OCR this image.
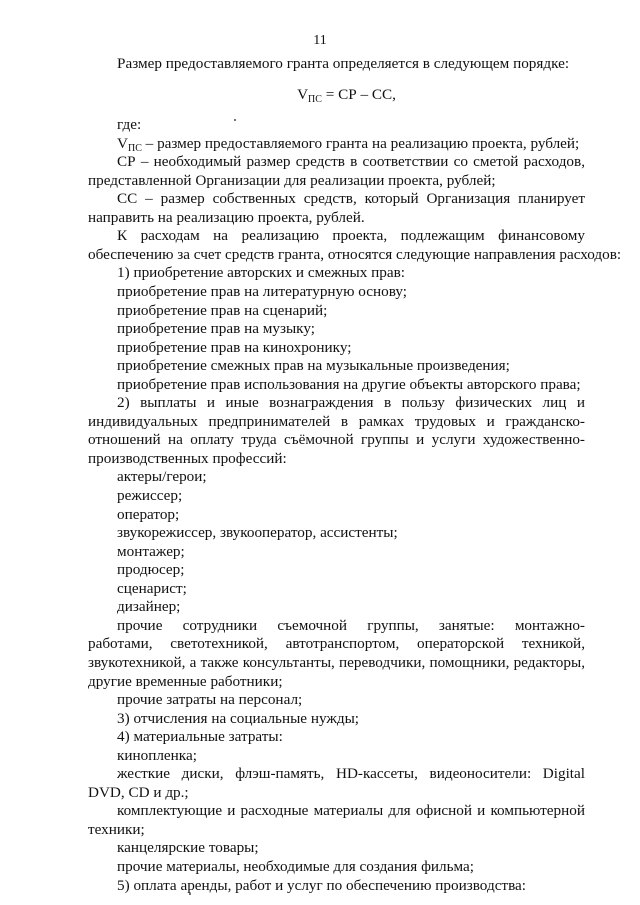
11
Размер предоставляемого гранта определяется в следующем порядке:
$V_{ПС}$ = СР – СС,
где:
$V_{ПС}$ – размер предоставляемого гранта на реализацию проекта, рублей;
СР – необходимый размер средств в соответствии со сметой расходов,
представленной Организации для реализации проекта, рублей;
СС – размер собственных средств, который Организация планирует
направить на реализацию проекта, рублей.
К расходам на реализацию проекта, подлежащим финансовому
обеспечению за счет средств гранта, относятся следующие направления расходов:
1) приобретение авторских и смежных прав:
приобретение прав на литературную основу;
приобретение прав на сценарий;
приобретение прав на музыку;
приобретение прав на кинохронику;
приобретение смежных прав на музыкальные произведения;
приобретение прав использования на другие объекты авторского права;
2) выплаты и иные вознаграждения в пользу физических лиц и
индивидуальных предпринимателей в рамках трудовых и гражданско-
отношений на оплату труда съёмочной группы и услуги художественно-
производственных профессий:
актеры/герои;
режиссер;
оператор;
звукорежиссер, звукооператор, ассистенты;
монтажер;
продюсер;
сценарист;
дизайнер;
прочие сотрудники съемочной группы, занятые: монтажно-
работами, светотехникой, автотранспортом, операторской техникой,
звукотехникой, а также консультанты, переводчики, помощники, редакторы,
другие временные работники;
прочие затраты на персонал;
3) отчисления на социальные нужды;
4) материальные затраты:
кинопленка;
жесткие диски, флэш-память, HD-кассеты, видеоносители: Digital
DVD, CD и др.;
комплектующие и расходные материалы для офисной и компьютерной
техники;
канцелярские товары;
прочие материалы, необходимые для создания фильма;
5) оплата аренды, работ и услуг по обеспечению производства:
